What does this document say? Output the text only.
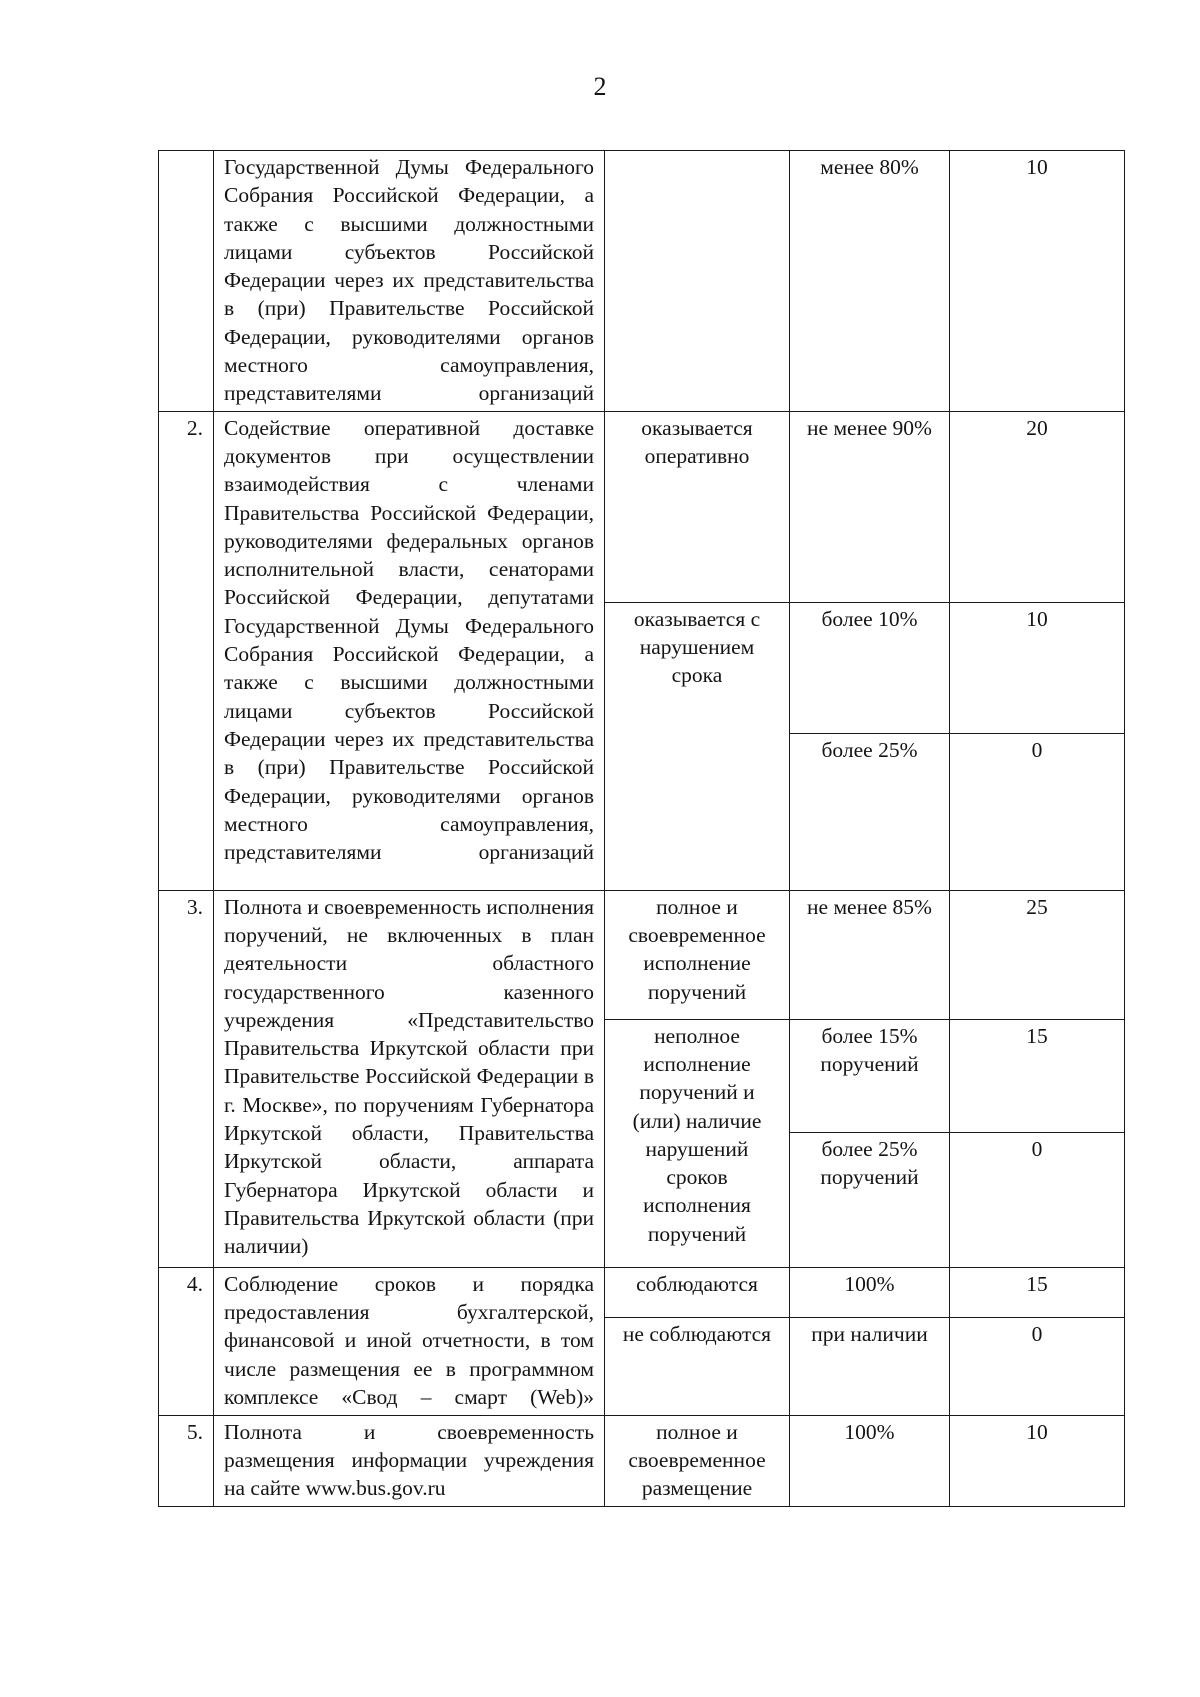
2
	Государственной Думы Федерального Собрания Российской Федерации, а также с высшими должностными лицами субъектов Российской Федерации через их представительства в (при) Правительстве Российской Федерации, руководителями органов местного самоуправления, представителями организаций		менее 80%	10
2.	Содействие оперативной доставке документов при осуществлении взаимодействия с членами Правительства Российской Федерации, руководителями федеральных органов исполнительной власти, сенаторами Российской Федерации, депутатами Государственной Думы Федерального Собрания Российской Федерации, а также с высшими должностными лицами субъектов Российской Федерации через их представительства в (при) Правительстве Российской Федерации, руководителями органов местного самоуправления, представителями организаций	оказывается оперативно	не менее 90%	20
		оказывается с нарушением срока	более 10%	10
			более 25%	0
3.	Полнота и своевременность исполнения поручений, не включенных в план деятельности областного государственного казенного учреждения «Представительство Правительства Иркутской области при Правительстве Российской Федерации в г. Москве», по поручениям Губернатора Иркутской области, Правительства Иркутской области, аппарата Губернатора Иркутской области и Правительства Иркутской области (при наличии)	полное и своевременное исполнение поручений	не менее 85%	25
		неполное исполнение поручений и (или) наличие нарушений сроков исполнения поручений	более 15% поручений	15
			более 25% поручений	0
4.	Соблюдение сроков и порядка предоставления бухгалтерской, финансовой и иной отчетности, в том числе размещения ее в программном комплексе «Свод – смарт (Web)»	соблюдаются	100%	15
		не соблюдаются	при наличии	0
5.	Полнота и своевременность размещения информации учреждения на сайте www.bus.gov.ru	полное и своевременное размещение	100%	10
